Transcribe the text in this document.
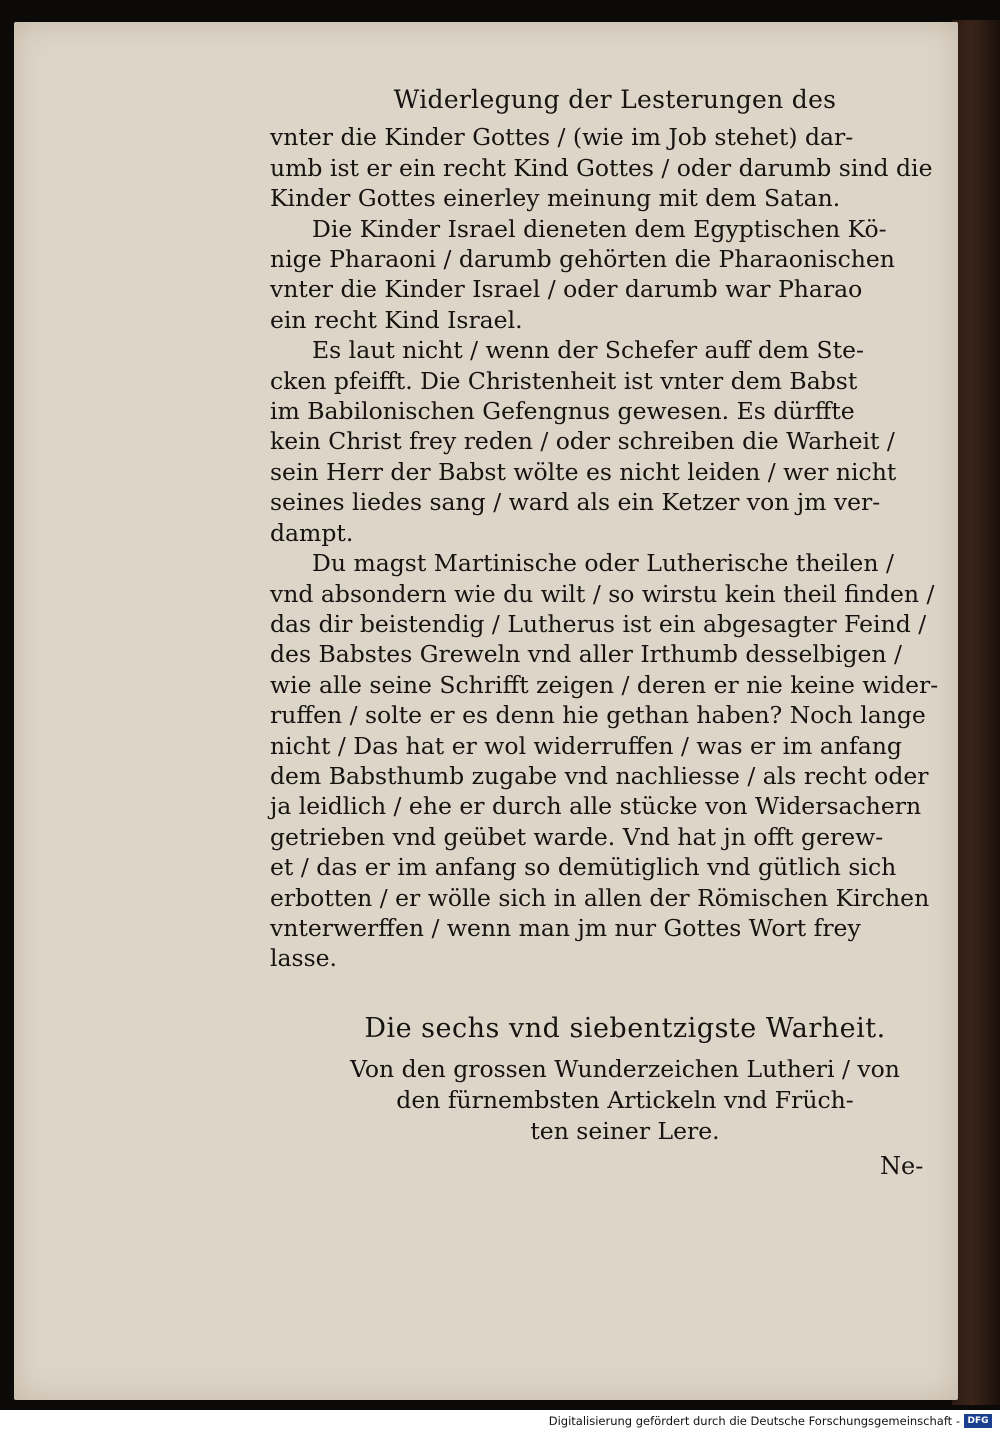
Widerlegung der Lesterungen des
vnter die Kinder Gottes / (wie im Job stehet) dar-
umb ist er ein recht Kind Gottes / oder darumb sind die
Kinder Gottes einerley meinung mit dem Satan.
Die Kinder Israel dieneten dem Egyptischen Kö-
nige Pharaoni / darumb gehörten die Pharaonischen
vnter die Kinder Israel / oder darumb war Pharao
ein recht Kind Israel.
Es laut nicht / wenn der Schefer auff dem Ste-
cken pfeifft. Die Christenheit ist vnter dem Babst
im Babilonischen Gefengnus gewesen. Es dürffte
kein Christ frey reden / oder schreiben die Warheit /
sein Herr der Babst wölte es nicht leiden / wer nicht
seines liedes sang / ward als ein Ketzer von jm ver-
dampt.
Du magst Martinische oder Lutherische theilen /
vnd absondern wie du wilt / so wirstu kein theil finden /
das dir beistendig / Lutherus ist ein abgesagter Feind /
des Babstes Greweln vnd aller Irthumb desselbigen /
wie alle seine Schrifft zeigen / deren er nie keine wider-
ruffen / solte er es denn hie gethan haben? Noch lange
nicht / Das hat er wol widerruffen / was er im anfang
dem Babsthumb zugabe vnd nachliesse / als recht oder
ja leidlich / ehe er durch alle stücke von Widersachern
getrieben vnd geübet warde. Vnd hat jn offt gerew-
et / das er im anfang so demütiglich vnd gütlich sich
erbotten / er wölle sich in allen der Römischen Kirchen
vnterwerffen / wenn man jm nur Gottes Wort frey
lasse.
Die sechs vnd siebentzigste Warheit.
Von den grossen Wunderzeichen Lutheri / von
den fürnembsten Artickeln vnd Früch-
ten seiner Lere.
Ne-
Digitalisierung gefördert durch die Deutsche Forschungsgemeinschaft - DFG
